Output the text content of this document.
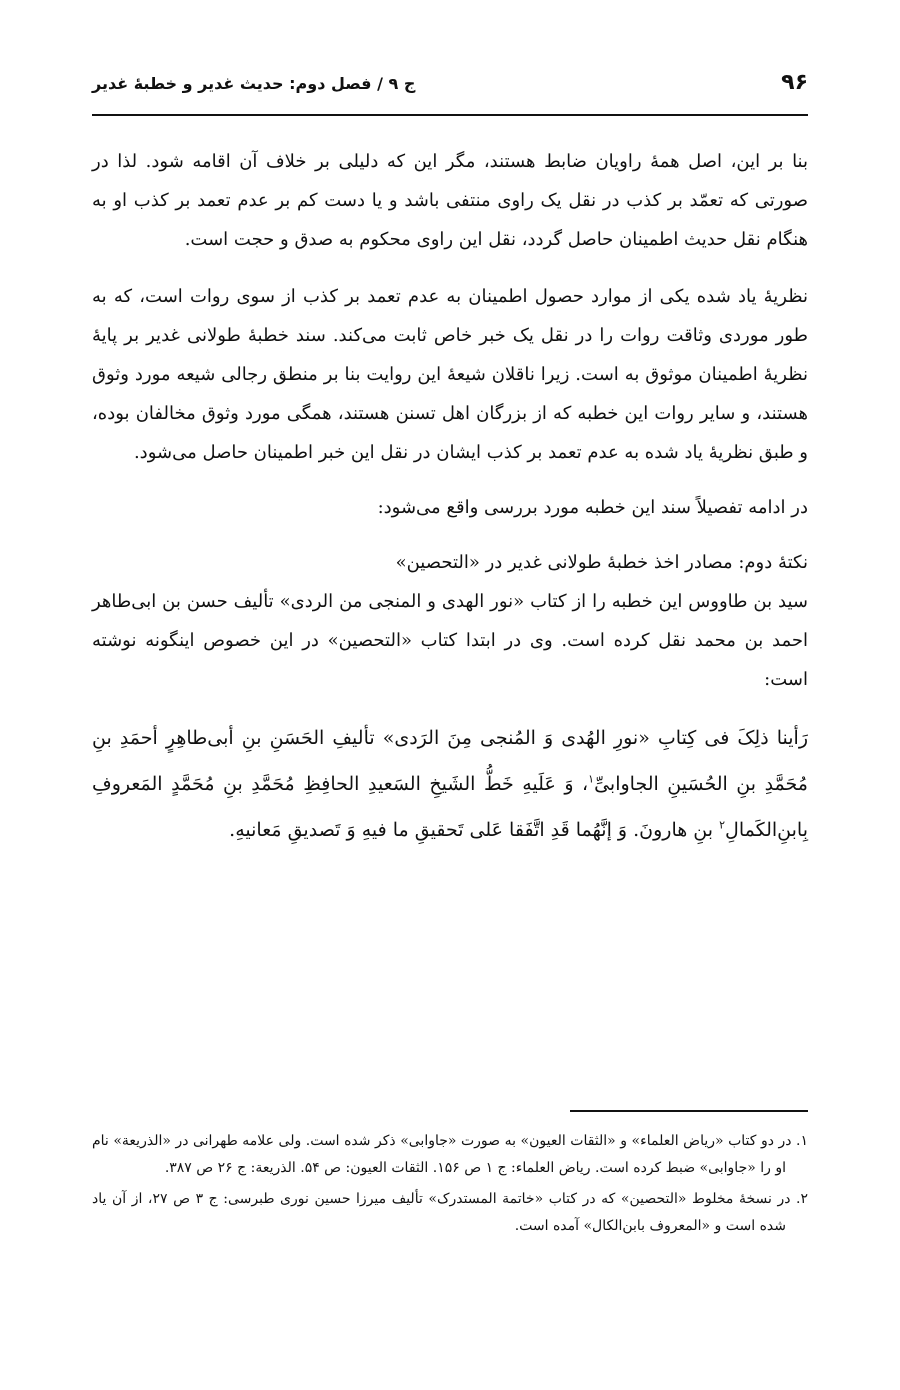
۹۶
ج ۹ / فصل دوم: حدیث غدیر و خطبهٔ غدیر

بنا بر این، اصل همهٔ راویان ضابط هستند، مگر این که دلیلی بر خلاف آن اقامه شود. لذا در صورتی که تعمّد بر کذب در نقل یک راوی منتفی باشد و یا دست کم بر عدم تعمد بر کذب او به هنگام نقل حدیث اطمینان حاصل گردد، نقل این راوی محکوم به صدق و حجت است.

نظریهٔ یاد شده یکی از موارد حصول اطمینان به عدم تعمد بر کذب از سوی روات است، که به طور موردی وثاقت روات را در نقل یک خبر خاص ثابت می‌کند. سند خطبهٔ طولانی غدیر بر پایهٔ نظریهٔ اطمینان موثوق به است. زیرا ناقلان شیعهٔ این روایت بنا بر منطق رجالی شیعه مورد وثوق هستند، و سایر روات این خطبه که از بزرگان اهل تسنن هستند، همگی مورد وثوق مخالفان بوده، و طبق نظریهٔ یاد شده به عدم تعمد بر کذب ایشان در نقل این خبر اطمینان حاصل می‌شود.

در ادامه تفصیلاً سند این خطبه مورد بررسی واقع می‌شود:

نکتهٔ دوم: مصادر اخذ خطبهٔ طولانی غدیر در «التحصین»

سید بن طاووس این خطبه را از کتاب «نور الهدی و المنجی من الردی» تألیف حسن بن ابی‌طاهر احمد بن محمد نقل کرده است. وی در ابتدا کتاب «التحصین» در این خصوص اینگونه نوشته است:

رَأینا ذلِکَ فی کِتابِ «نورِ الهُدی وَ المُنجی مِنَ الرَدی» تألیفِ الحَسَنِ بنِ أبی‌طاهِرٍ أحمَدِ بنِ مُحَمَّدِ بنِ الحُسَینِ الجاوابیِّ$^۱$، وَ عَلَیهِ خَطُّ الشَیخِ السَعیدِ الحافِظِ مُحَمَّدِ بنِ مُحَمَّدٍ المَعروفِ بِابنِ‌الکَمالِ$^۲$ بنِ هارونَ. وَ إنَّهُما قَدِ اتَّفَقا عَلی تَحقیقِ ما فیهِ وَ تَصدیقِ مَعانیهِ.

۱. در دو کتاب «ریاض العلماء» و «الثقات العیون» به صورت «جاوابی» ذکر شده است. ولی علامه طهرانی در «الذریعة» نام او را «جاوابی» ضبط کرده است. ریاض العلماء: ج ۱ ص ۱۵۶. الثقات العیون: ص ۵۴. الذریعة: ج ۲۶ ص ۳۸۷.

۲. در نسخهٔ مخلوط «التحصین» که در کتاب «خاتمة المستدرک» تألیف میرزا حسین نوری طبرسی: ج ۳ ص ۲۷، از آن یاد شده است و «المعروف بابن‌الکال» آمده است.
